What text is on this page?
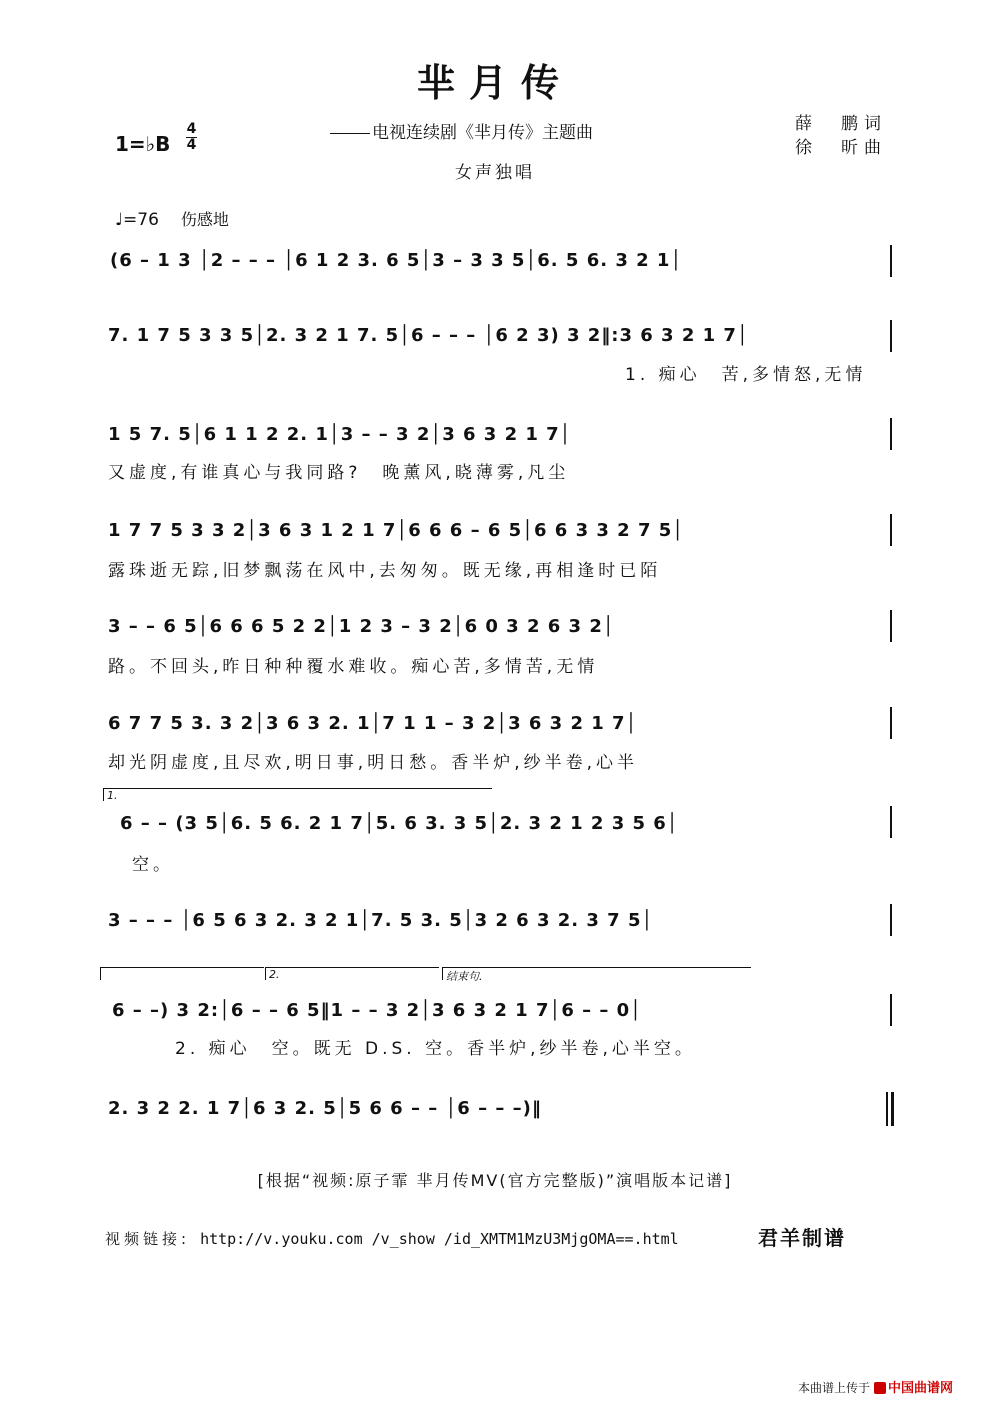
芈月传
电视连续剧《芈月传》主题曲
女声独唱
薛　鹏词
徐　昕曲
1=♭B
4
4
♩=76 伤感地
(6 – 1 3 │2 – – – │6 1 2 3. 6 5│3 – 3 3 5│6. 5 6. 3 2 1│
7. 1 7 5 3 3 5│2. 3 2 1 7. 5│6 – – – │6 2 3) 3 2‖:3 6 3 2 1 7│
1. 痴心　苦,多情怒,无情
1 5 7. 5│6 1 1 2 2. 1│3 – – 3 2│3 6 3 2 1 7│
又虚度,有谁真心与我同路?　晚薰风,晓薄雾,凡尘
1 7 7 5 3 3 2│3 6 3 1 2 1 7│6 6 6 – 6 5│6 6 3 3 2 7 5│
露珠逝无踪,旧梦飘荡在风中,去匆匆。既无缘,再相逢时已陌
3 – – 6 5│6 6 6 5 2 2│1 2 3 – 3 2│6 0 3 2 6 3 2│
路。不回头,昨日种种覆水难收。痴心苦,多情苦,无情
6 7 7 5 3. 3 2│3 6 3 2. 1│7 1 1 – 3 2│3 6 3 2 1 7│
却光阴虚度,且尽欢,明日事,明日愁。香半炉,纱半卷,心半
1.
6 – – (3 5│6. 5 6. 2 1 7│5. 6 3. 3 5│2. 3 2 1 2 3 5 6│
空。
3 – – – │6 5 6 3 2. 3 2 1│7. 5 3. 5│3 2 6 3 2. 3 7 5│
2.	结束句.
6 – –) 3 2:│6 – – 6 5‖1 – – 3 2│3 6 3 2 1 7│6 – – 0│
2. 痴心　空。既无 D.S. 空。香半炉,纱半卷,心半空。
2. 3 2 2. 1 7│6 3 2. 5│5 6 6 – – │6 – – –)‖
[根据“视频:原子霏 芈月传MV(官方完整版)”演唱版本记谱]
视频链接: http://v.youku.com /v_show /id_XMTM1MzU3MjgOMA==.html	君羊制谱
本曲谱上传于 中国曲谱网
